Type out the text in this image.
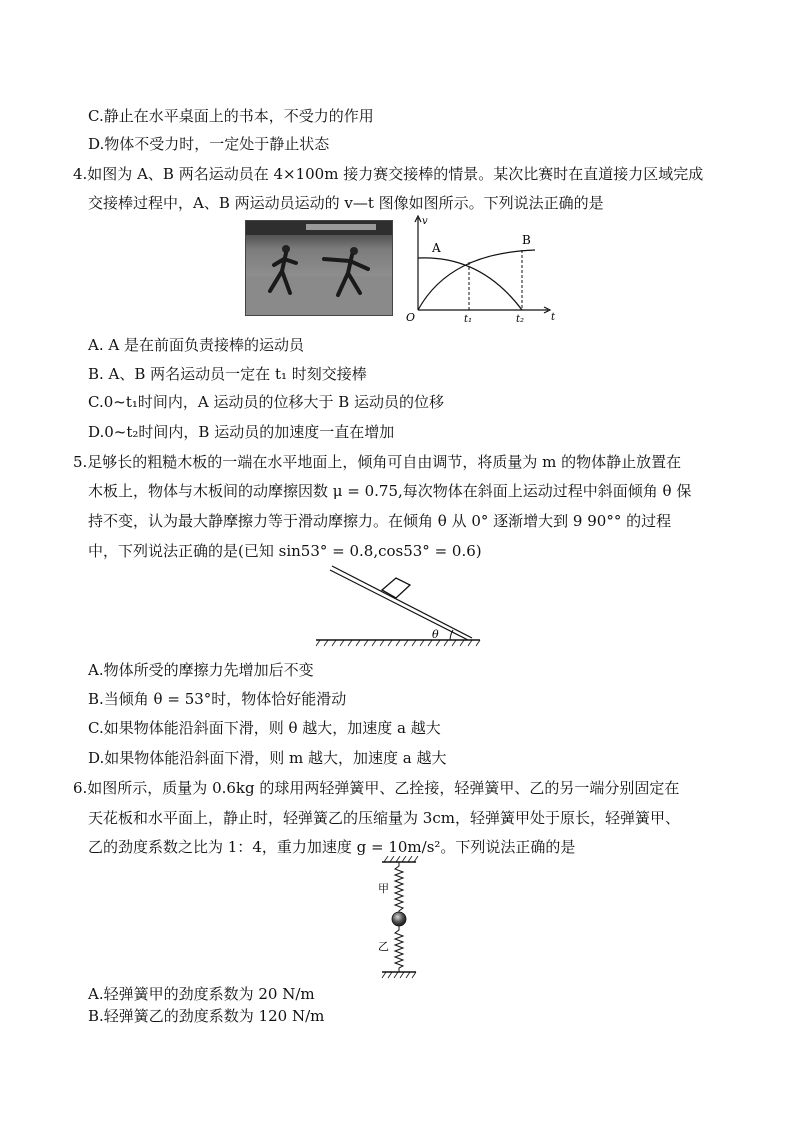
C.静止在水平桌面上的书本，不受力的作用
D.物体不受力时，一定处于静止状态
4.如图为 A、B 两名运动员在 4×100m 接力赛交接棒的情景。某次比赛时在直道接力区域完成
交接棒过程中，A、B 两运动员运动的 v—t 图像如图所示。下列说法正确的是
v
t
O
A
B
t₁	t₂
A. A 是在前面负责接棒的运动员
B. A、B 两名运动员一定在 t₁ 时刻交接棒
C.0~t₁时间内，A 运动员的位移大于 B 运动员的位移
D.0~t₂时间内，B 运动员的加速度一直在增加
5.足够长的粗糙木板的一端在水平地面上，倾角可自由调节，将质量为 m 的物体静止放置在
木板上，物体与木板间的动摩擦因数 μ = 0.75,每次物体在斜面上运动过程中斜面倾角 θ 保
持不变，认为最大静摩擦力等于滑动摩擦力。在倾角 θ 从 0° 逐渐增大到 9 90°° 的过程
中，下列说法正确的是(已知 sin53° = 0.8,cos53° = 0.6)
θ
A.物体所受的摩擦力先增加后不变
B.当倾角 θ = 53°时，物体恰好能滑动
C.如果物体能沿斜面下滑，则 θ 越大，加速度 a 越大
D.如果物体能沿斜面下滑，则 m 越大，加速度 a 越大
6.如图所示，质量为 0.6kg 的球用两轻弹簧甲、乙拴接，轻弹簧甲、乙的另一端分别固定在
天花板和水平面上，静止时，轻弹簧乙的压缩量为 3cm，轻弹簧甲处于原长，轻弹簧甲、
乙的劲度系数之比为 1：4，重力加速度 g = 10m/s²。下列说法正确的是
甲
乙
A.轻弹簧甲的劲度系数为 20 N/m
B.轻弹簧乙的劲度系数为 120 N/m
